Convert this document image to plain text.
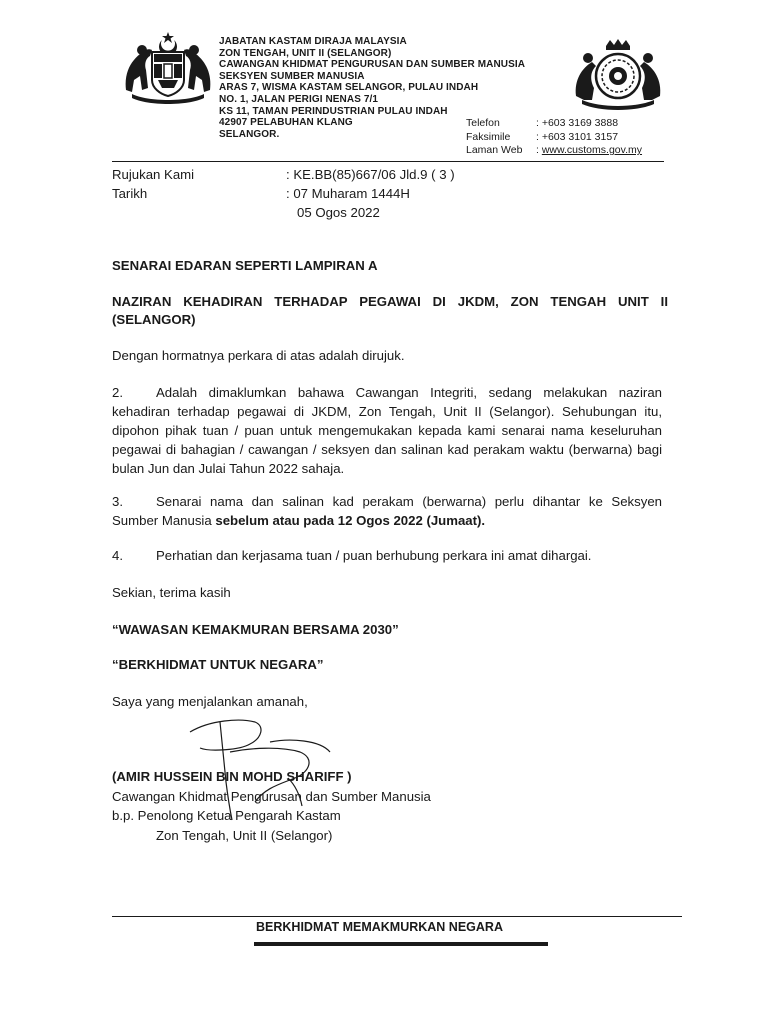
JABATAN KASTAM DIRAJA MALAYSIA
ZON TENGAH, UNIT II (SELANGOR)
CAWANGAN KHIDMAT PENGURUSAN DAN SUMBER MANUSIA
SEKSYEN SUMBER MANUSIA
ARAS 7, WISMA KASTAM SELANGOR, PULAU INDAH
NO. 1, JALAN PERIGI NENAS 7/1
KS 11, TAMAN PERINDUSTRIAN PULAU INDAH
42907 PELABUHAN KLANG
SELANGOR.
Telefon	: +603 3169 3888
Faksimile : +603 3101 3157
Laman Web : www.customs.gov.my
Rujukan Kami	: KE.BB(85)667/06 Jld.9 ( 3 )
Tarikh	: 07 Muharam 1444H
05 Ogos 2022
SENARAI EDARAN SEPERTI LAMPIRAN A
NAZIRAN KEHADIRAN TERHADAP PEGAWAI DI JKDM, ZON TENGAH UNIT II (SELANGOR)
Dengan hormatnya perkara di atas adalah dirujuk.
2.	Adalah dimaklumkan bahawa Cawangan Integriti, sedang melakukan naziran kehadiran terhadap pegawai di JKDM, Zon Tengah, Unit II (Selangor). Sehubungan itu, dipohon pihak tuan / puan untuk mengemukakan kepada kami senarai nama keseluruhan pegawai di bahagian / cawangan / seksyen dan salinan kad perakam waktu (berwarna) bagi bulan Jun dan Julai Tahun 2022 sahaja.
3.	Senarai nama dan salinan kad perakam (berwarna) perlu dihantar ke Seksyen Sumber Manusia sebelum atau pada 12 Ogos 2022 (Jumaat).
4.	Perhatian dan kerjasama tuan / puan berhubung perkara ini amat dihargai.
Sekian, terima kasih
“WAWASAN KEMAKMURAN BERSAMA 2030”
“BERKHIDMAT UNTUK NEGARA”
Saya yang menjalankan amanah,
(AMIR HUSSEIN BIN MOHD SHARIFF )
Cawangan Khidmat Pengurusan dan Sumber Manusia
b.p. Penolong Ketua Pengarah Kastam
Zon Tengah, Unit II (Selangor)
BERKHIDMAT MEMAKMURKAN NEGARA
